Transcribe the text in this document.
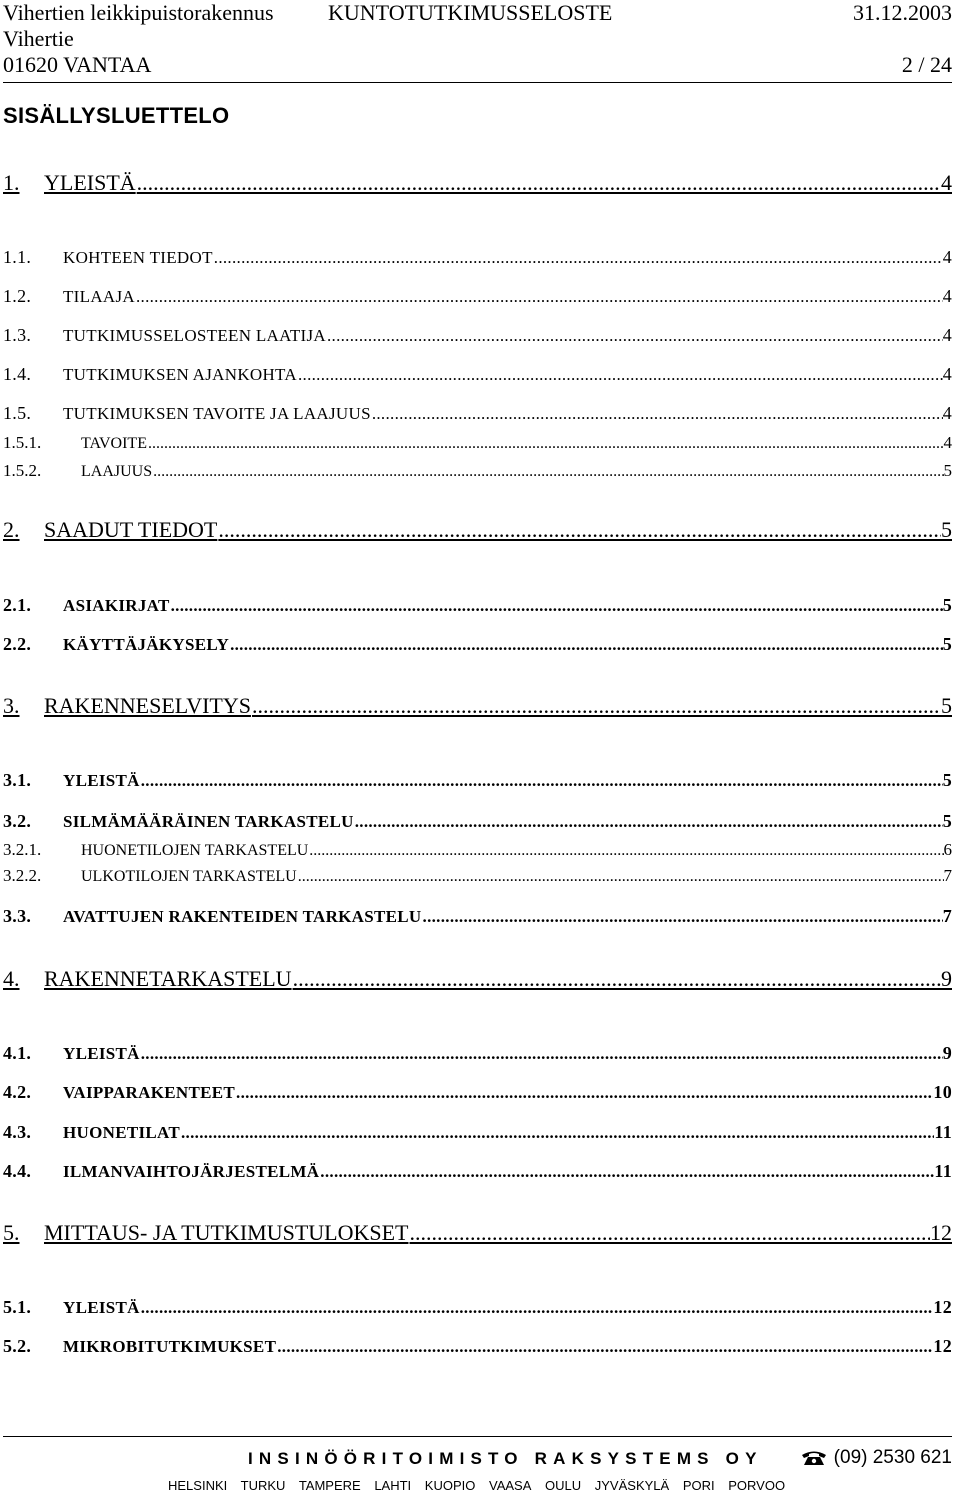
Vihertien leikkipuistorakennus KUNTOTUTKIMUSSELOSTE	31.12.2003
Vihertie
01620 VANTAA	2 / 24
SISÄLLYSLUETTELO
1. YLEISTÄ .....	4
1.1. KOHTEEN TIEDOT .....	4
1.2. TILAAJA .....	4
1.3. TUTKIMUSSELOSTEEN LAATIJA .....	4
1.4. TUTKIMUKSEN AJANKOHTA .....	4
1.5. TUTKIMUKSEN TAVOITE JA LAAJUUS .....	4
1.5.1. TAVOITE .....	4
1.5.2. LAAJUUS .....	5
2. SAADUT TIEDOT .....	5
2.1. ASIAKIRJAT .....	5
2.2. KÄYTTÄJÄKYSELY .....	5
3. RAKENNESELVITYS .....	5
3.1. YLEISTÄ .....	5
3.2. SILMÄMÄÄRÄINEN TARKASTELU .....	5
3.2.1. HUONETILOJEN TARKASTELU .....	6
3.2.2. ULKOTILOJEN TARKASTELU .....	7
3.3. AVATTUJEN RAKENTEIDEN TARKASTELU .....	7
4. RAKENNETARKASTELU .....	9
4.1. YLEISTÄ .....	9
4.2. VAIPPARAKENTEET .....	10
4.3. HUONETILAT .....	11
4.4. ILMANVAIHTOJÄRJESTELMÄ .....	11
5. MITTAUS- JA TUTKIMUSTULOKSET .....	12
5.1. YLEISTÄ .....	12
5.2. MIKROBITUTKIMUKSET .....	12
INSINÖÖRITOIMISTO RAKSYSTEMS OY	(09) 2530 621
HELSINKI TURKU TAMPERE LAHTI KUOPIO VAASA OULU JYVÄSKYLÄ PORI PORVOO
